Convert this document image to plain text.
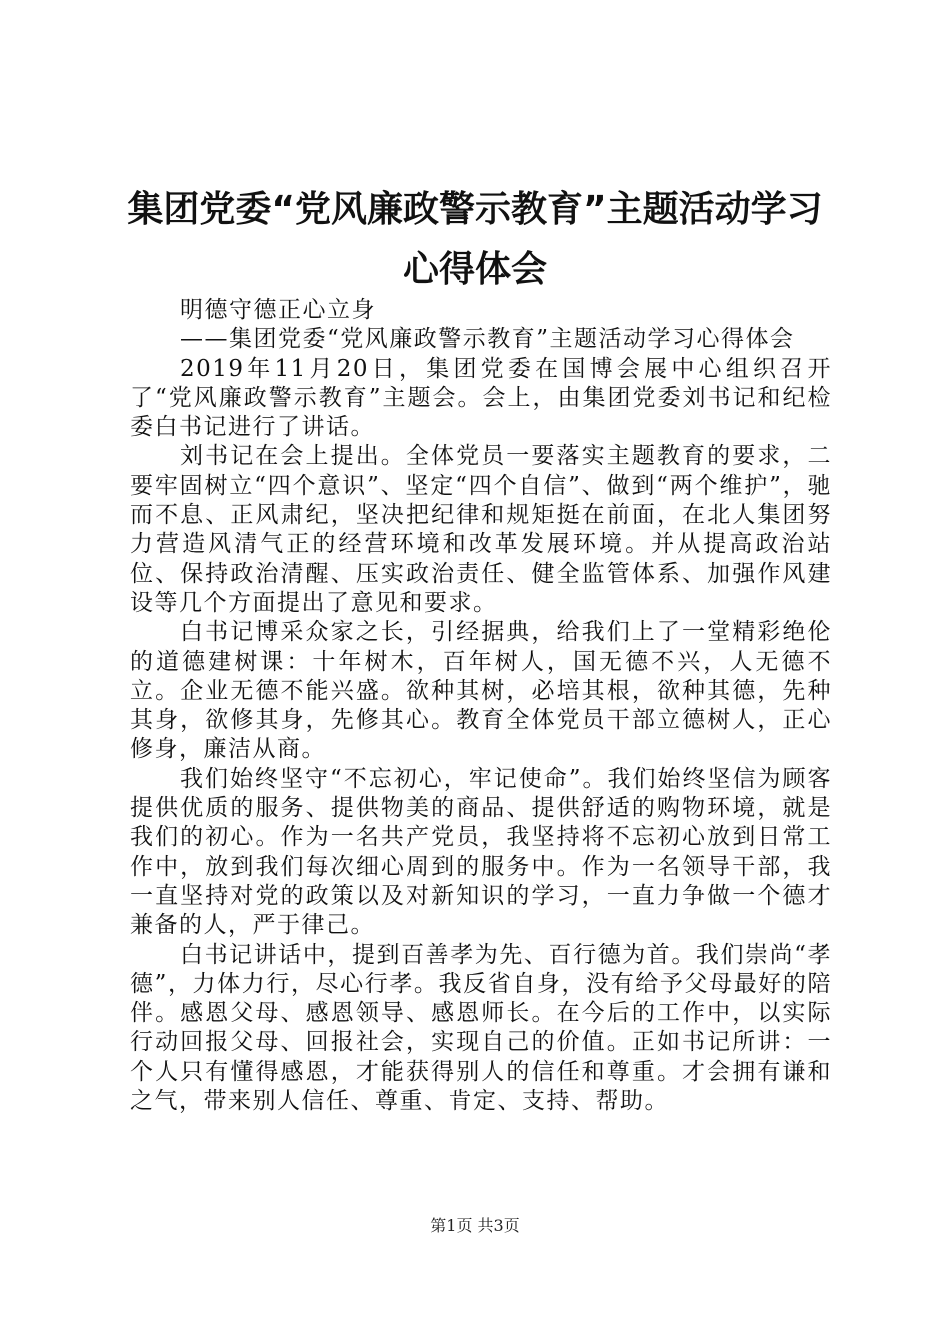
集团党委“党风廉政警示教育”主题活动学习
心得体会

明德守德正心立身

——集团党委“党风廉政警示教育”主题活动学习心得体会

2019年11月20日，集团党委在国博会展中心组织召开了“党风廉政警示教育”主题会。会上，由集团党委刘书记和纪检委白书记进行了讲话。

刘书记在会上提出。全体党员一要落实主题教育的要求，二要牢固树立“四个意识”、坚定“四个自信”、做到“两个维护”，驰而不息、正风肃纪，坚决把纪律和规矩挺在前面，在北人集团努力营造风清气正的经营环境和改革发展环境。并从提高政治站位、保持政治清醒、压实政治责任、健全监管体系、加强作风建设等几个方面提出了意见和要求。

白书记博采众家之长，引经据典，给我们上了一堂精彩绝伦的道德建树课：十年树木，百年树人，国无德不兴，人无德不立。企业无德不能兴盛。欲种其树，必培其根，欲种其德，先种其身，欲修其身，先修其心。教育全体党员干部立德树人，正心修身，廉洁从商。

我们始终坚守“不忘初心，牢记使命”。我们始终坚信为顾客提供优质的服务、提供物美的商品、提供舒适的购物环境，就是我们的初心。作为一名共产党员，我坚持将不忘初心放到日常工作中，放到我们每次细心周到的服务中。作为一名领导干部，我一直坚持对党的政策以及对新知识的学习，一直力争做一个德才兼备的人，严于律己。

白书记讲话中，提到百善孝为先、百行德为首。我们崇尚“孝德”，力体力行，尽心行孝。我反省自身，没有给予父母最好的陪伴。感恩父母、感恩领导、感恩师长。在今后的工作中，以实际行动回报父母、回报社会，实现自己的价值。正如书记所讲：一个人只有懂得感恩，才能获得别人的信任和尊重。才会拥有谦和之气，带来别人信任、尊重、肯定、支持、帮助。

第1页 共3页
